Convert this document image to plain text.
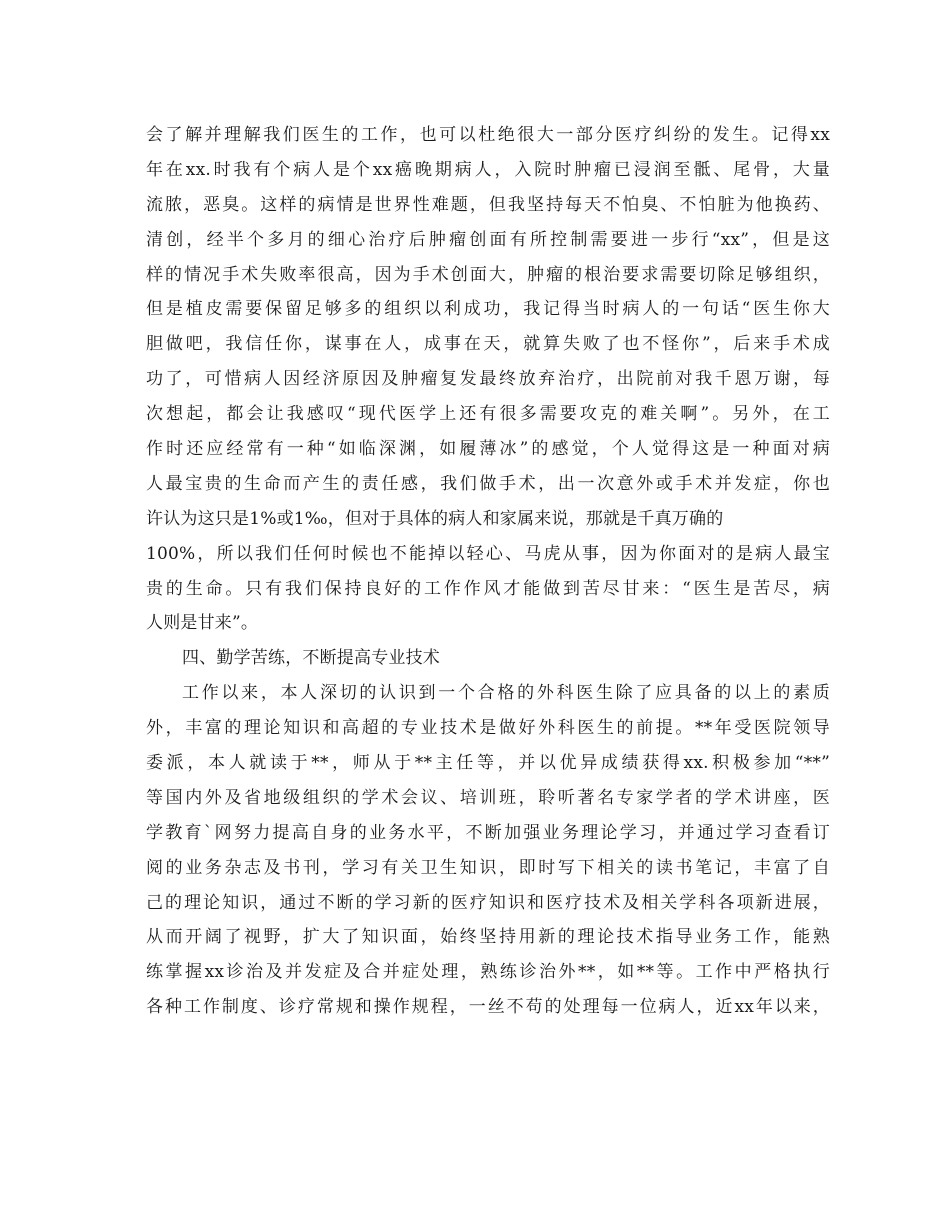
会了解并理解我们医生的工作，也可以杜绝很大一部分医疗纠纷的发生。记得xx
年在xx.时我有个病人是个xx癌晚期病人，入院时肿瘤已浸润至骶、尾骨，大量
流脓，恶臭。这样的病情是世界性难题，但我坚持每天不怕臭、不怕脏为他换药、
清创，经半个多月的细心治疗后肿瘤创面有所控制需要进一步行“xx”，但是这
样的情况手术失败率很高，因为手术创面大，肿瘤的根治要求需要切除足够组织，
但是植皮需要保留足够多的组织以利成功，我记得当时病人的一句话“医生你大
胆做吧，我信任你，谋事在人，成事在天，就算失败了也不怪你”，后来手术成
功了，可惜病人因经济原因及肿瘤复发最终放弃治疗，出院前对我千恩万谢，每
次想起，都会让我感叹“现代医学上还有很多需要攻克的难关啊”。另外，在工
作时还应经常有一种“如临深渊，如履薄冰”的感觉，个人觉得这是一种面对病
人最宝贵的生命而产生的责任感，我们做手术，出一次意外或手术并发症，你也
许认为这只是1%或1‰，但对于具体的病人和家属来说，那就是千真万确的
100%，所以我们任何时候也不能掉以轻心、马虎从事，因为你面对的是病人最宝
贵的生命。只有我们保持良好的工作作风才能做到苦尽甘来：“医生是苦尽，病
人则是甘来”。
四、勤学苦练，不断提高专业技术
工作以来，本人深切的认识到一个合格的外科医生除了应具备的以上的素质
外，丰富的理论知识和高超的专业技术是做好外科医生的前提。**年受医院领导
委派，本人就读于**，师从于**主任等，并以优异成绩获得xx.积极参加“**”
等国内外及省地级组织的学术会议、培训班，聆听著名专家学者的学术讲座，医
学教育`网努力提高自身的业务水平，不断加强业务理论学习，并通过学习查看订
阅的业务杂志及书刊，学习有关卫生知识，即时写下相关的读书笔记，丰富了自
己的理论知识，通过不断的学习新的医疗知识和医疗技术及相关学科各项新进展，
从而开阔了视野，扩大了知识面，始终坚持用新的理论技术指导业务工作，能熟
练掌握xx诊治及并发症及合并症处理，熟练诊治外**，如**等。工作中严格执行
各种工作制度、诊疗常规和操作规程，一丝不苟的处理每一位病人，近xx年以来，
